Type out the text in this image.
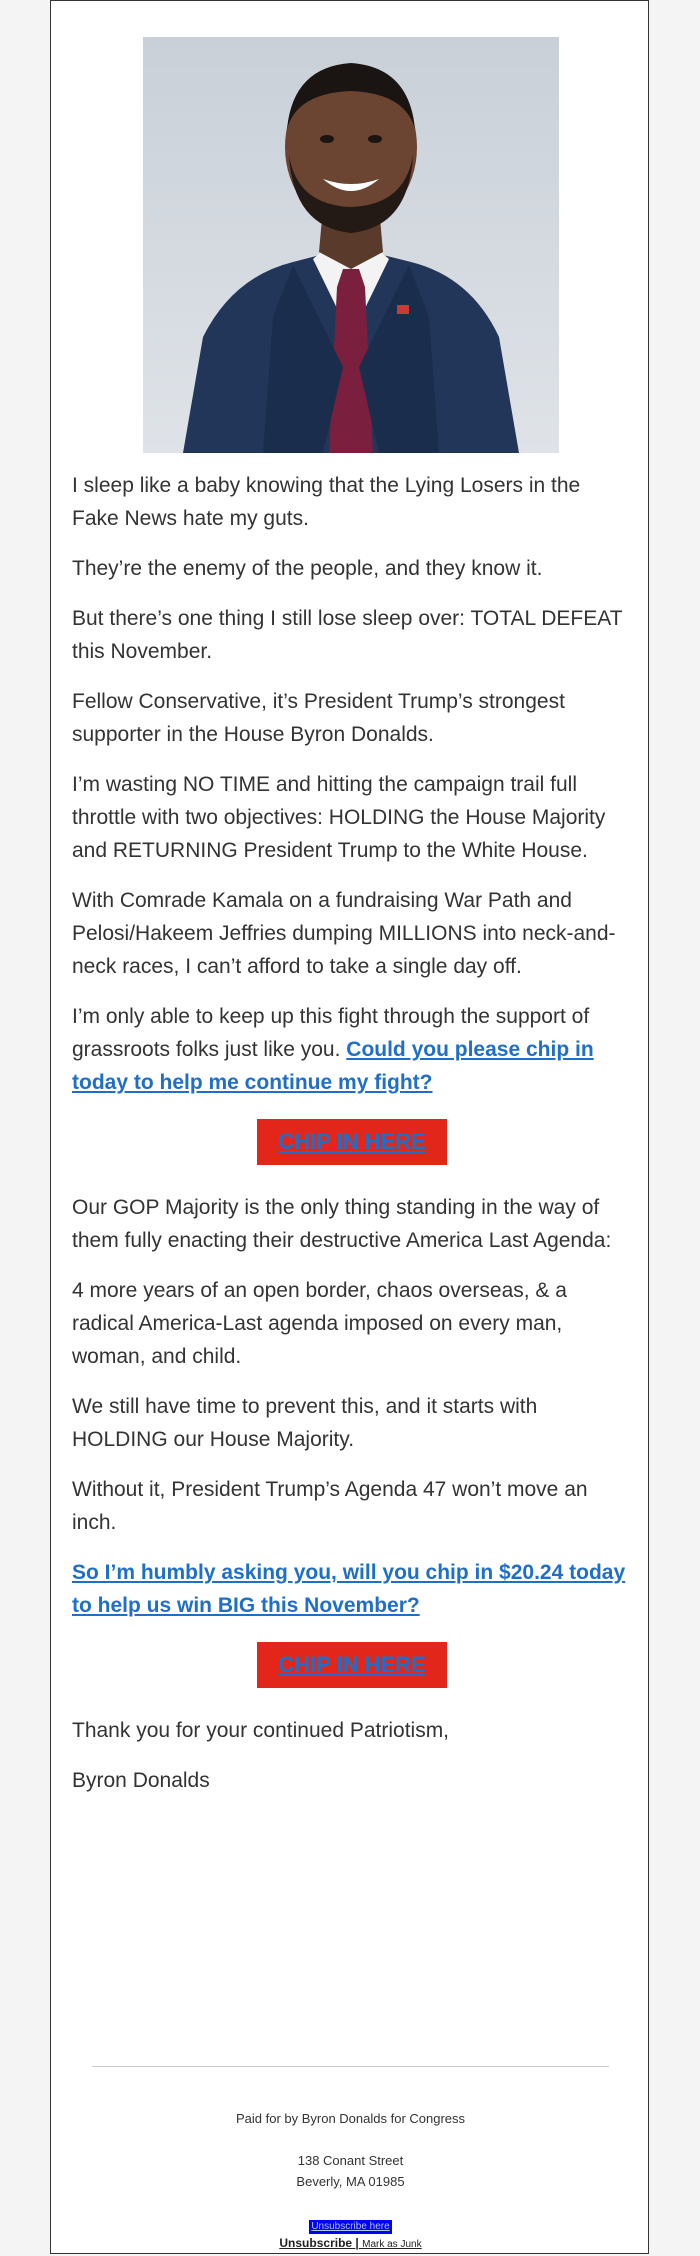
I sleep like a baby knowing that the Lying Losers in the Fake News hate my guts.

They’re the enemy of the people, and they know it.

But there’s one thing I still lose sleep over: TOTAL DEFEAT this November.

Fellow Conservative, it’s President Trump’s strongest supporter in the House Byron Donalds.

I’m wasting NO TIME and hitting the campaign trail full throttle with two objectives: HOLDING the House Majority and RETURNING President Trump to the White House.

With Comrade Kamala on a fundraising War Path and Pelosi/Hakeem Jeffries dumping MILLIONS into neck-and-neck races, I can’t afford to take a single day off.

I’m only able to keep up this fight through the support of grassroots folks just like you. Could you please chip in today to help me continue my fight?

CHIP IN HERE

Our GOP Majority is the only thing standing in the way of them fully enacting their destructive America Last Agenda:

4 more years of an open border, chaos overseas, & a radical America-Last agenda imposed on every man, woman, and child.

We still have time to prevent this, and it starts with HOLDING our House Majority.

Without it, President Trump’s Agenda 47 won’t move an inch.

So I’m humbly asking you, will you chip in $20.24 today to help us win BIG this November?

CHIP IN HERE

Thank you for your continued Patriotism,

Byron Donalds

Paid for by Byron Donalds for Congress
138 Conant Street
Beverly, MA 01985
Unsubscribe here
Unsubscribe | Mark as Junk
